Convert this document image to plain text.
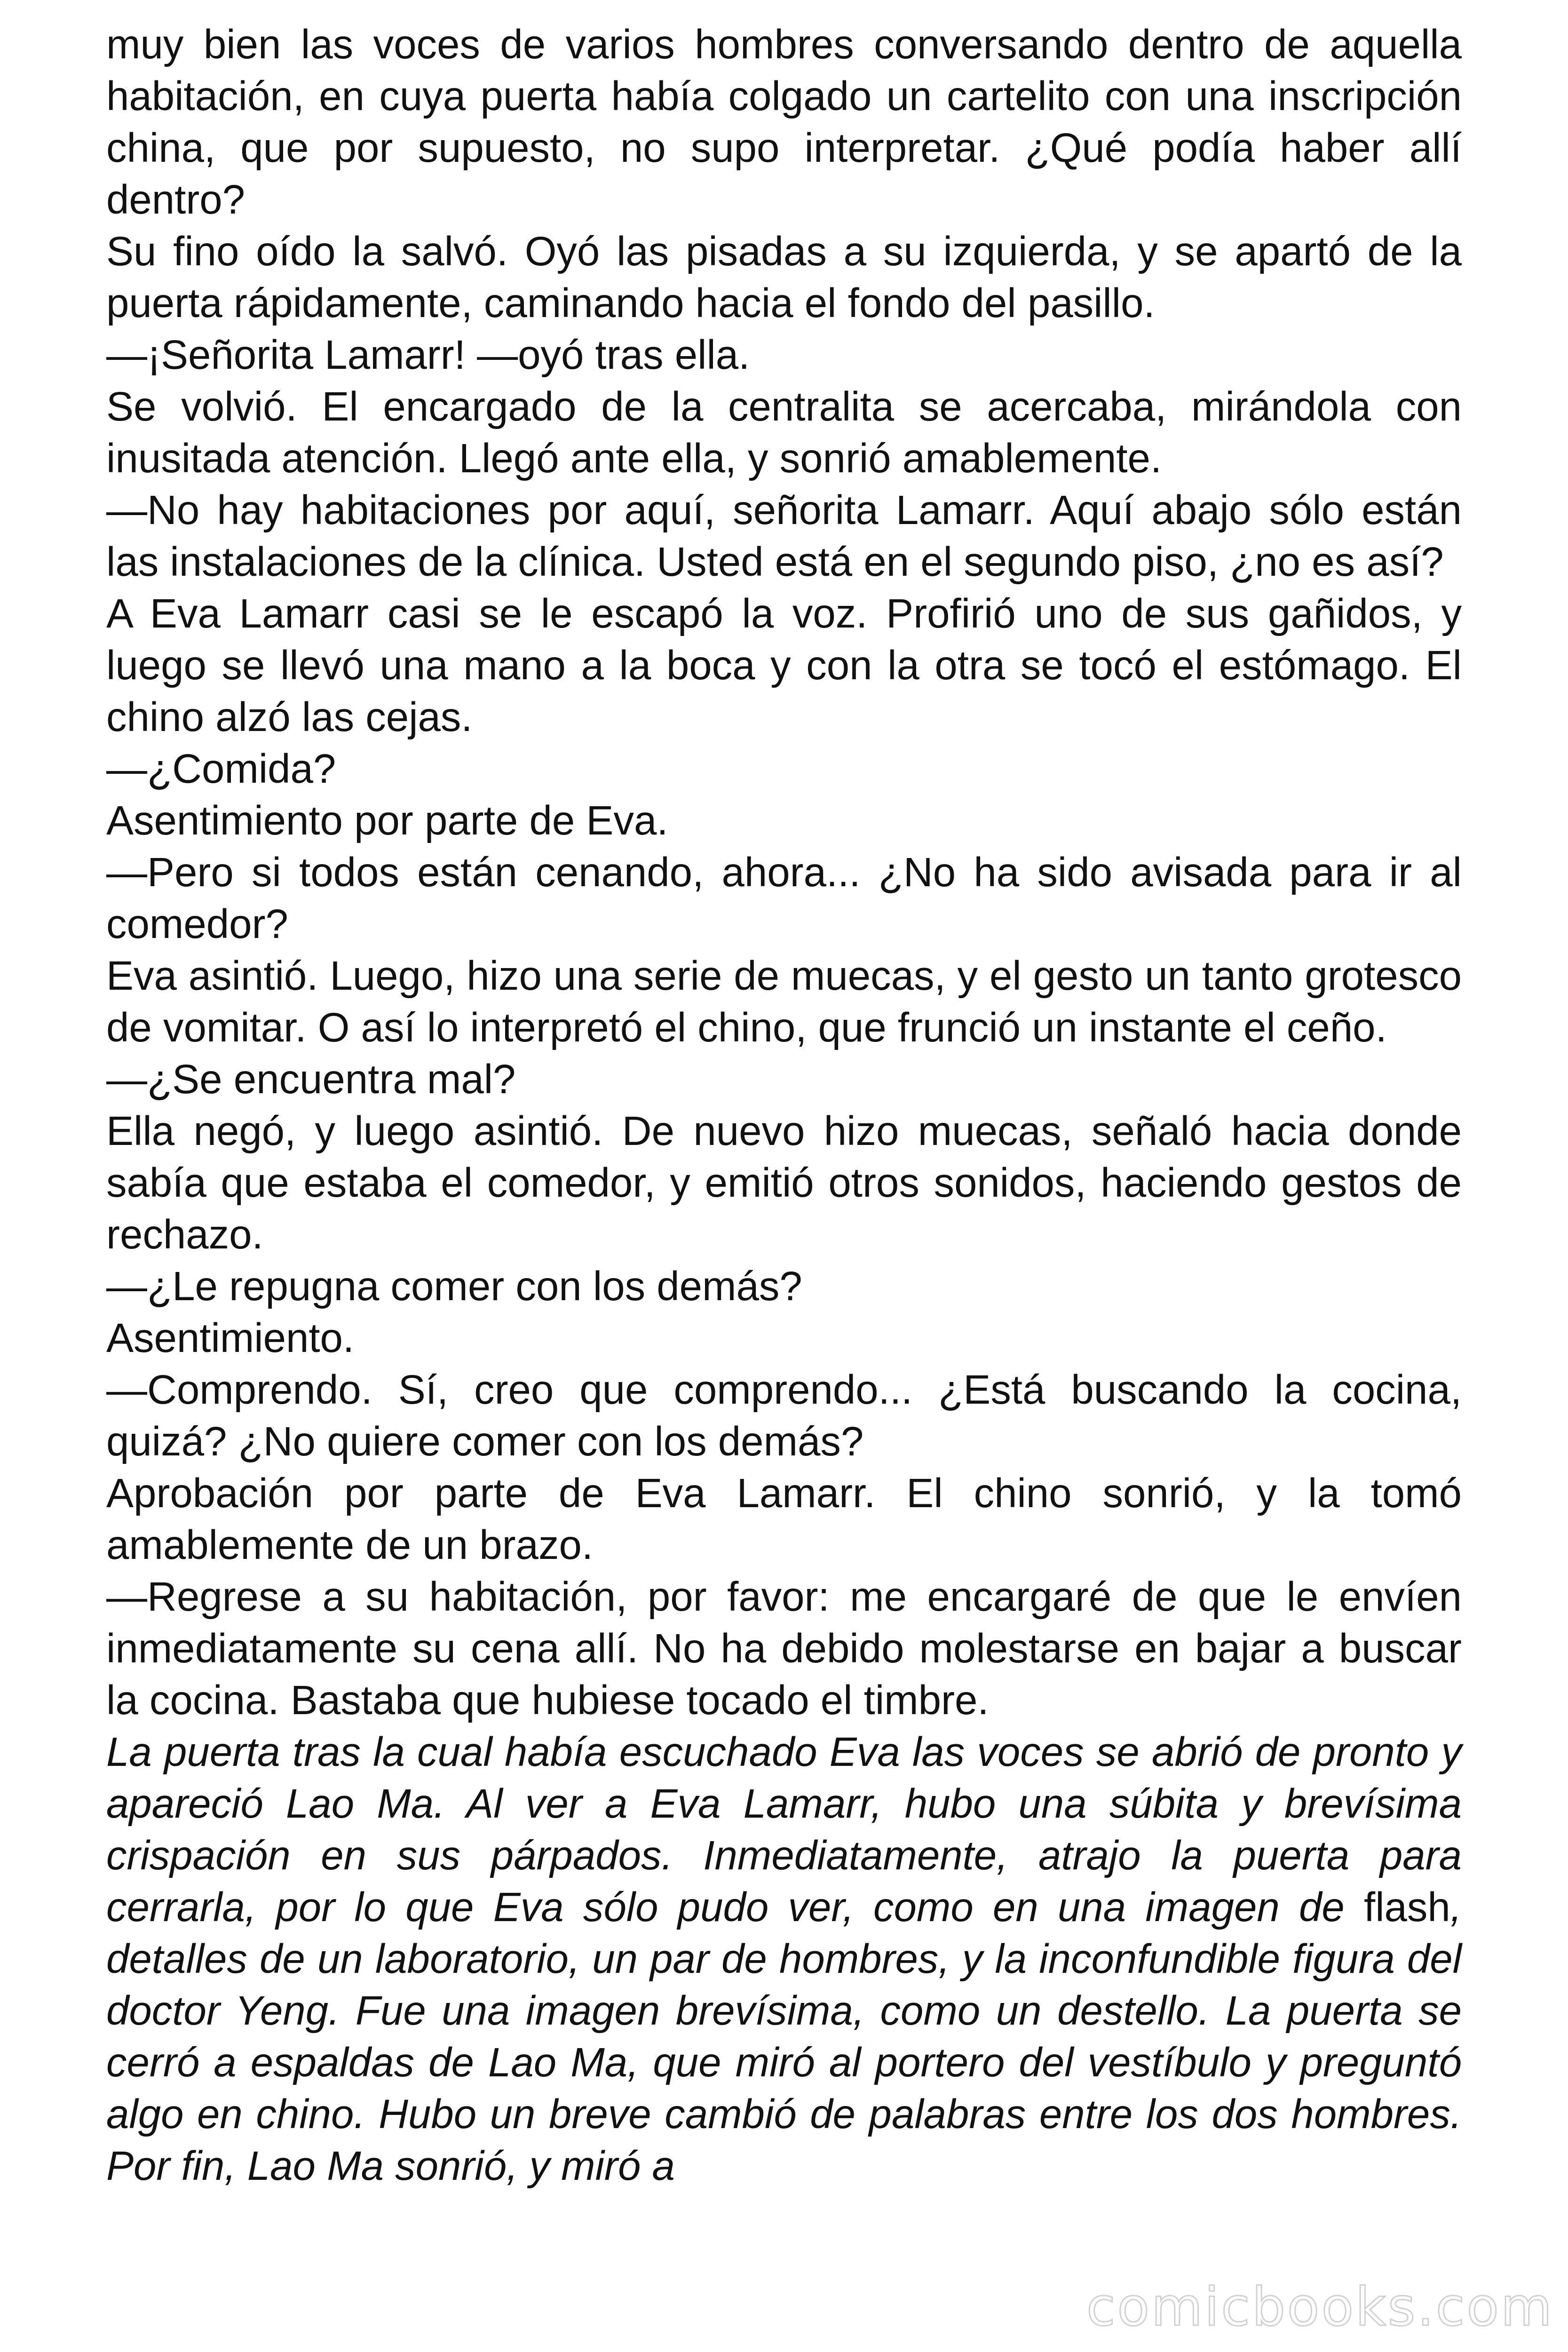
muy bien las voces de varios hombres conversando dentro de aquella habitación, en cuya puerta había colgado un cartelito con una inscripción china, que por supuesto, no supo interpretar. ¿Qué podía haber allí dentro?

Su fino oído la salvó. Oyó las pisadas a su izquierda, y se apartó de la puerta rápidamente, caminando hacia el fondo del pasillo.

—¡Señorita Lamarr! —oyó tras ella.

Se volvió. El encargado de la centralita se acercaba, mirándola con inusitada atención. Llegó ante ella, y sonrió amablemente.

—No hay habitaciones por aquí, señorita Lamarr. Aquí abajo sólo están las instalaciones de la clínica. Usted está en el segundo piso, ¿no es así?

A Eva Lamarr casi se le escapó la voz. Profirió uno de sus gañidos, y luego se llevó una mano a la boca y con la otra se tocó el estómago. El chino alzó las cejas.

—¿Comida?

Asentimiento por parte de Eva.

—Pero si todos están cenando, ahora... ¿No ha sido avisada para ir al comedor?

Eva asintió. Luego, hizo una serie de muecas, y el gesto un tanto grotesco de vomitar. O así lo interpretó el chino, que frunció un instante el ceño.

—¿Se encuentra mal?

Ella negó, y luego asintió. De nuevo hizo muecas, señaló hacia donde sabía que estaba el comedor, y emitió otros sonidos, haciendo gestos de rechazo.

—¿Le repugna comer con los demás?

Asentimiento.

—Comprendo. Sí, creo que comprendo... ¿Está buscando la cocina, quizá? ¿No quiere comer con los demás?

Aprobación por parte de Eva Lamarr. El chino sonrió, y la tomó amablemente de un brazo.

—Regrese a su habitación, por favor: me encargaré de que le envíen inmediatamente su cena allí. No ha debido molestarse en bajar a buscar la cocina. Bastaba que hubiese tocado el timbre.

La puerta tras la cual había escuchado Eva las voces se abrió de pronto y apareció Lao Ma. Al ver a Eva Lamarr, hubo una súbita y brevísima crispación en sus párpados. Inmediatamente, atrajo la puerta para cerrarla, por lo que Eva sólo pudo ver, como en una imagen de flash, detalles de un laboratorio, un par de hombres, y la inconfundible figura del doctor Yeng. Fue una imagen brevísima, como un destello. La puerta se cerró a espaldas de Lao Ma, que miró al portero del vestíbulo y preguntó algo en chino. Hubo un breve cambió de palabras entre los dos hombres. Por fin, Lao Ma sonrió, y miró a

comicbooks.com
